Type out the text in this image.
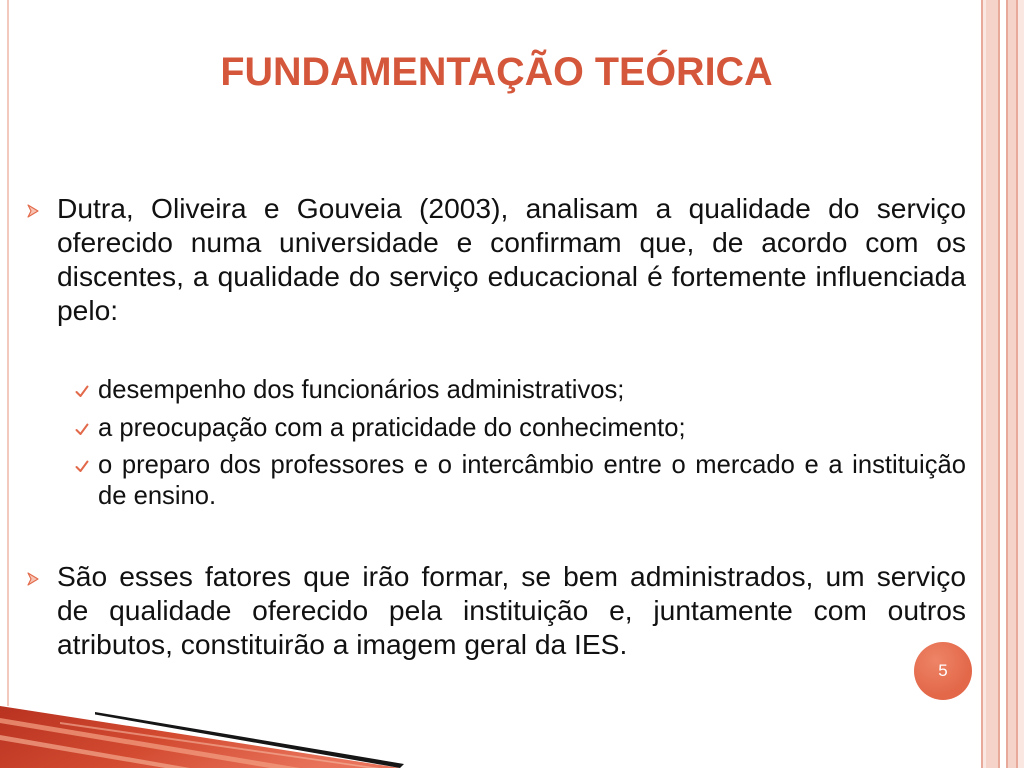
FUNDAMENTAÇÃO TEÓRICA
Dutra, Oliveira e Gouveia (2003), analisam a qualidade do serviço
oferecido numa universidade e confirmam que, de acordo com os
discentes, a qualidade do serviço educacional é fortemente influenciada
pelo:
desempenho dos funcionários administrativos;
a preocupação com a praticidade do conhecimento;
o preparo dos professores e o intercâmbio entre o mercado e a instituição
de ensino.
São esses fatores que irão formar, se bem administrados, um serviço
de qualidade oferecido pela instituição e, juntamente com outros
atributos, constituirão a imagem geral da IES.
5
